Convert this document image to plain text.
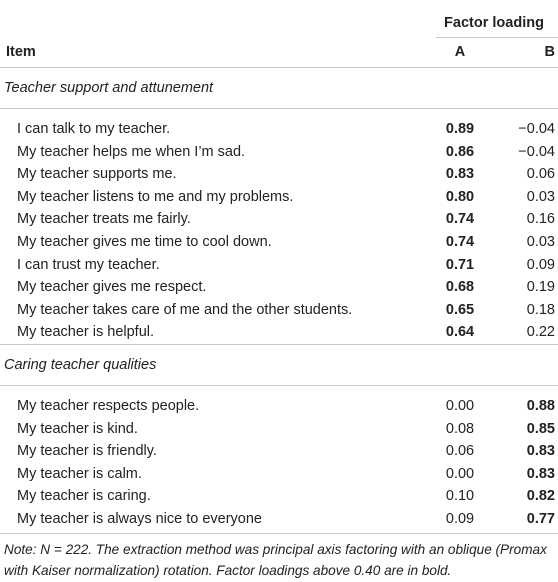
	Factor loading	
Item	A	B
Teacher support and attunement		

I can talk to my teacher.	0.89	−0.04
My teacher helps me when I’m sad.	0.86	−0.04
My teacher supports me.	0.83	0.06
My teacher listens to me and my problems.	0.80	0.03
My teacher treats me fairly.	0.74	0.16
My teacher gives me time to cool down.	0.74	0.03
I can trust my teacher.	0.71	0.09
My teacher gives me respect.	0.68	0.19
My teacher takes care of me and the other students.	0.65	0.18
My teacher is helpful.	0.64	0.22
Caring teacher qualities		

My teacher respects people.	0.00	0.88
My teacher is kind.	0.08	0.85
My teacher is friendly.	0.06	0.83
My teacher is calm.	0.00	0.83
My teacher is caring.	0.10	0.82
My teacher is always nice to everyone	0.09	0.77
Note: N = 222. The extraction method was principal axis factoring with an oblique (Promax with Kaiser normalization) rotation. Factor loadings above 0.40 are in bold.
